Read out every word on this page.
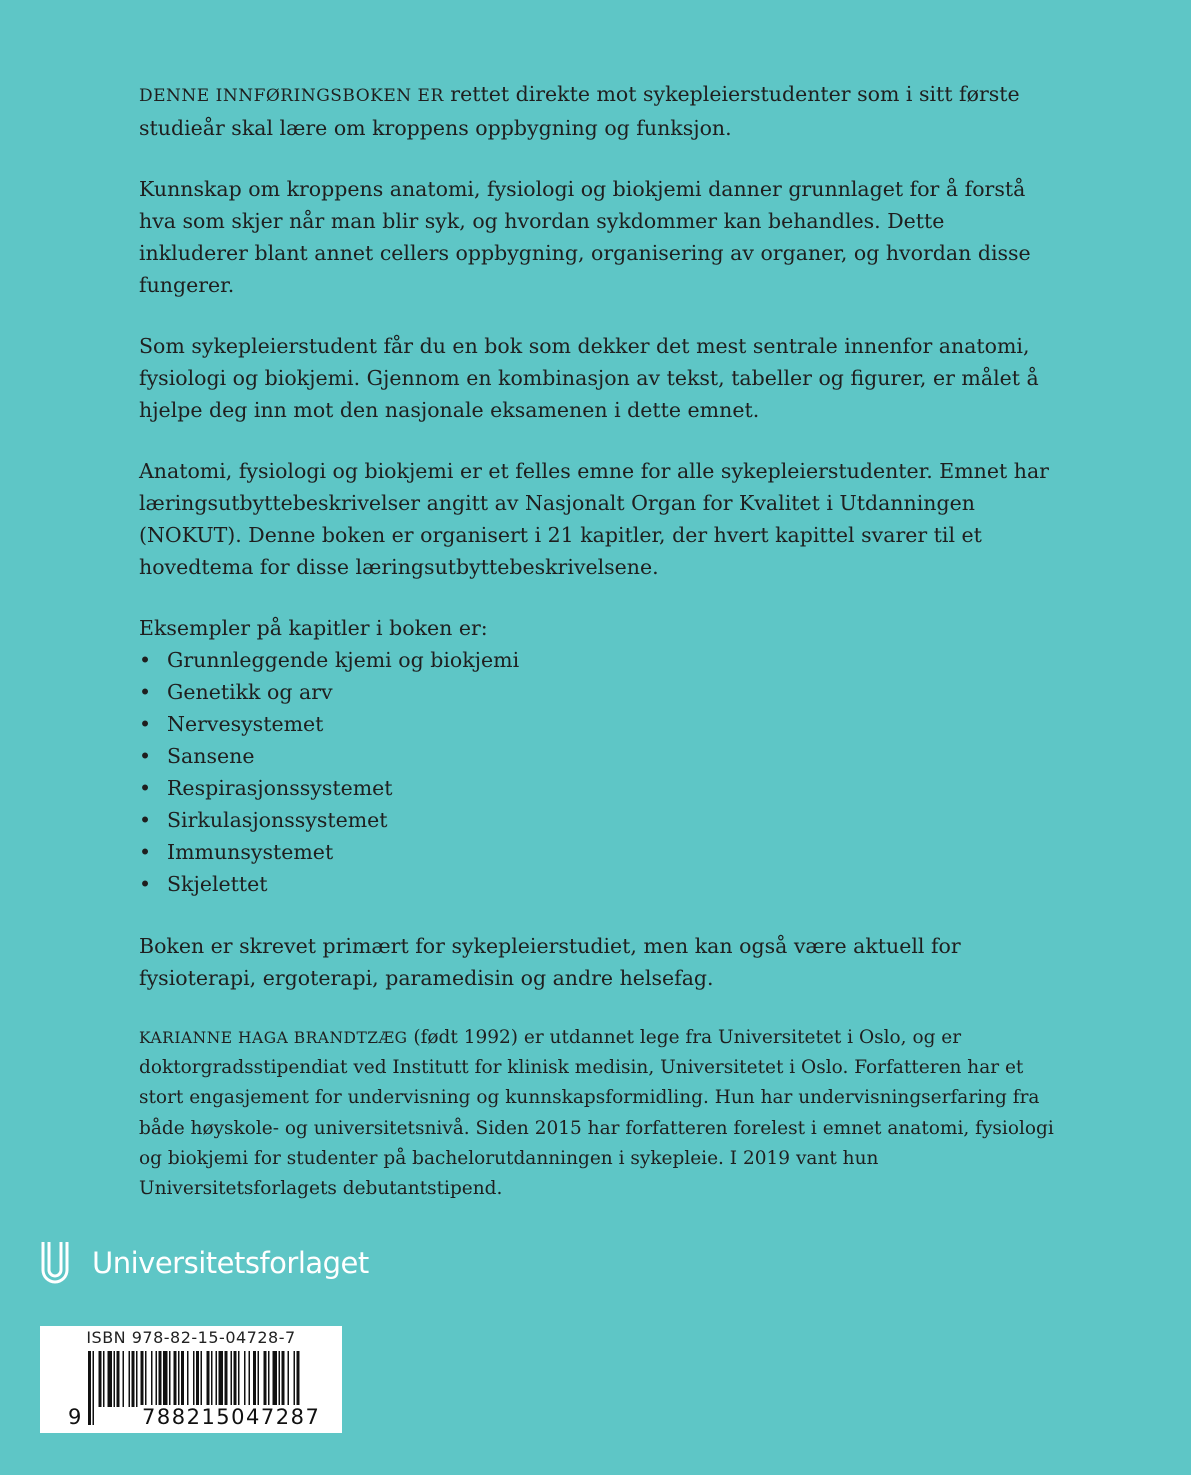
DENNE INNFØRINGSBOKEN ER rettet direkte mot sykepleierstudenter som i sitt første studieår skal lære om kroppens oppbygning og funksjon.

Kunnskap om kroppens anatomi, fysiologi og biokjemi danner grunnlaget for å forstå hva som skjer når man blir syk, og hvordan sykdommer kan behandles. Dette inkluderer blant annet cellers oppbygning, organisering av organer, og hvordan disse fungerer.

Som sykepleierstudent får du en bok som dekker det mest sentrale innenfor anatomi, fysiologi og biokjemi. Gjennom en kombinasjon av tekst, tabeller og figurer, er målet å hjelpe deg inn mot den nasjonale eksamenen i dette emnet.

Anatomi, fysiologi og biokjemi er et felles emne for alle sykepleierstudenter. Emnet har læringsutbyttebeskrivelser angitt av Nasjonalt Organ for Kvalitet i Utdanningen (NOKUT). Denne boken er organisert i 21 kapitler, der hvert kapittel svarer til et hovedtema for disse læringsutbyttebeskrivelsene.

Eksempler på kapitler i boken er:

• Grunnleggende kjemi og biokjemi
• Genetikk og arv
• Nervesystemet
• Sansene
• Respirasjonssystemet
• Sirkulasjonssystemet
• Immunsystemet
• Skjelettet

Boken er skrevet primært for sykepleierstudiet, men kan også være aktuell for fysioterapi, ergoterapi, paramedisin og andre helsefag.

KARIANNE HAGA BRANDTZÆG (født 1992) er utdannet lege fra Universitetet i Oslo, og er doktorgradsstipendiat ved Institutt for klinisk medisin, Universitetet i Oslo. Forfatteren har et stort engasjement for undervisning og kunnskapsformidling. Hun har undervisningserfaring fra både høyskole- og universitetsnivå. Siden 2015 har forfatteren forelest i emnet anatomi, fysiologi og biokjemi for studenter på bachelorutdanningen i sykepleie. I 2019 vant hun Universitetsforlagets debutantstipend.

Universitetsforlaget
ISBN 978-82-15-04728-7
9	788215047287
